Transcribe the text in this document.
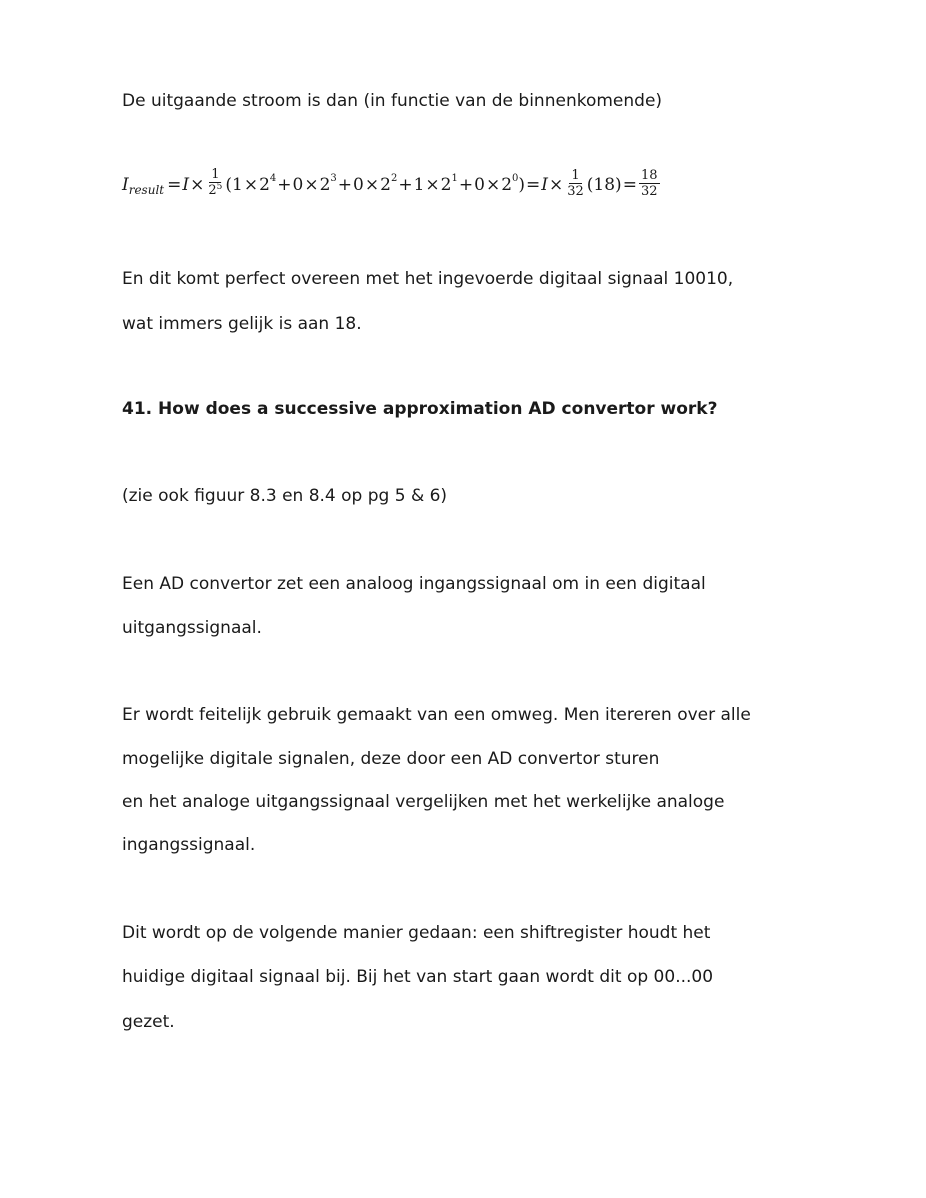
De uitgaande stroom is dan (in functie van de binnenkomende)
I result = $I \times \frac{1}{2^5}$ ( $1 \times 2^4 + 0 \times 2^3 + 0 \times 2^2 + 1 \times 2^1 + 0 \times 2^0$ ) = $I \times \frac{1}{32} (18) = \frac{18}{32}$
En dit komt perfect overeen met het ingevoerde digitaal signaal 10010,
wat immers gelijk is aan 18.
41. How does a successive approximation AD convertor work?
(zie ook figuur 8.3 en 8.4 op pg 5 & 6)
Een AD convertor zet een analoog ingangssignaal om in een digitaal
uitgangssignaal.
Er wordt feitelijk gebruik gemaakt van een omweg. Men itereren over alle
mogelijke digitale signalen, deze door een AD convertor sturen
en het analoge uitgangssignaal vergelijken met het werkelijke analoge
ingangssignaal.
Dit wordt op de volgende manier gedaan: een shiftregister houdt het
huidige digitaal signaal bij. Bij het van start gaan wordt dit op 00...00
gezet.
